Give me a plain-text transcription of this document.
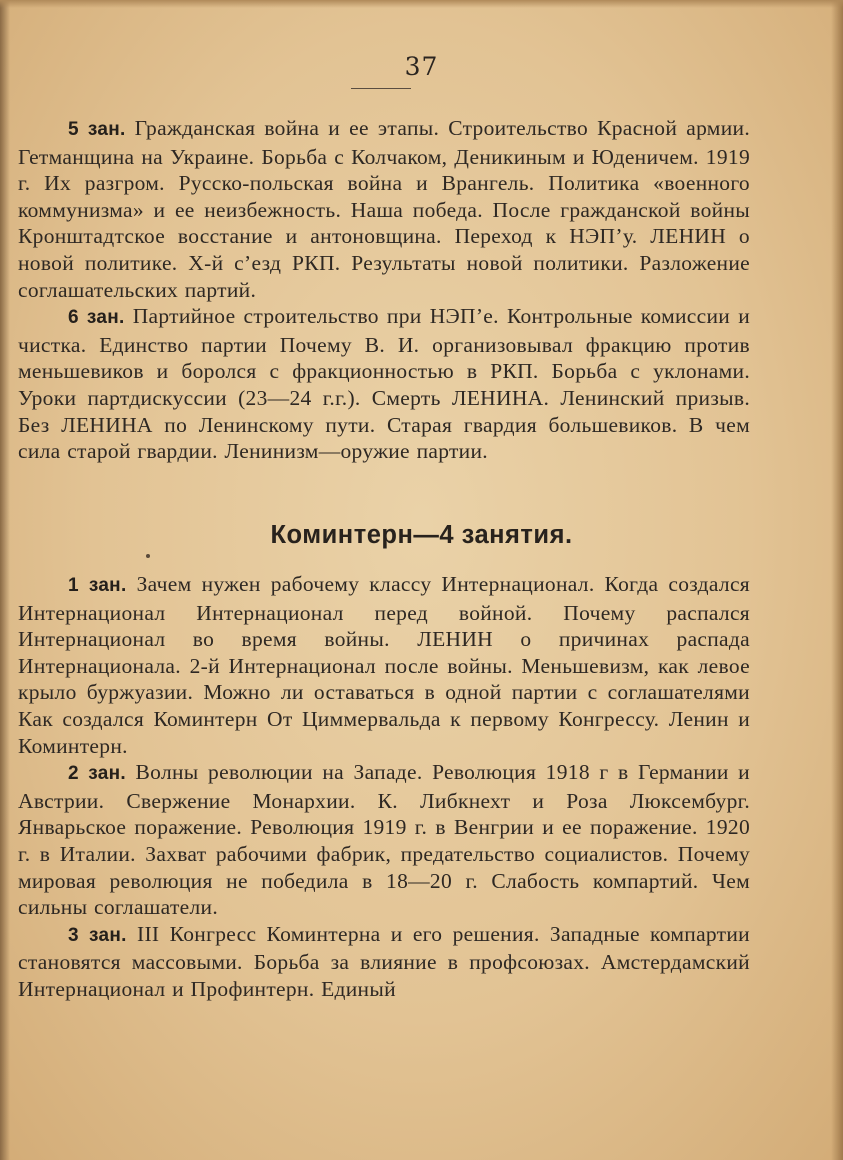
37

5 зан. Гражданская война и ее этапы. Строительство Красной армии. Гетманщина на Украине. Борьба с Колчаком, Деникиным и Юденичем. 1919 г. Их разгром. Русско-польская война и Врангель. Политика «военного коммунизма» и ее неизбежность. Наша победа. После гражданской войны Кронштадтское восстание и антоновщина. Переход к НЭП’у. ЛЕНИН о новой политике. Х-й с’езд РКП. Результаты новой политики. Разложение соглашательских партий.

6 зан. Партийное строительство при НЭП’е. Контрольные комиссии и чистка. Единство партии Почему В. И. организовывал фракцию против меньшевиков и боролся с фракционностью в РКП. Борьба с уклонами. Уроки партдискуссии (23—24 г.г.). Смерть ЛЕНИНА. Ленинский призыв. Без ЛЕНИНА по Ленинскому пути. Старая гвардия большевиков. В чем сила старой гвардии. Ленинизм—оружие партии.

Коминтерн—4 занятия.

1 зан. Зачем нужен рабочему классу Интернационал. Когда создался Интернационал Интернационал перед войной. Почему распался Интернационал во время войны. ЛЕНИН о причинах распада Интернационала. 2-й Интернационал после войны. Меньшевизм, как левое крыло буржуазии. Можно ли оставаться в одной партии с соглашателями Как создался Коминтерн От Циммервальда к первому Конгрессу. Ленин и Коминтерн.

2 зан. Волны революции на Западе. Революция 1918 г в Германии и Австрии. Свержение Монархии. К. Либкнехт и Роза Люксембург. Январьское поражение. Революция 1919 г. в Венгрии и ее поражение. 1920 г. в Италии. Захват рабочими фабрик, предательство социалистов. Почему мировая революция не победила в 18—20 г. Слабость компартий. Чем сильны соглашатели.

3 зан. III Конгресс Коминтерна и его решения. Западные компартии становятся массовыми. Борьба за влияние в профсоюзах. Амстердамский Интернационал и Профинтерн. Единый
